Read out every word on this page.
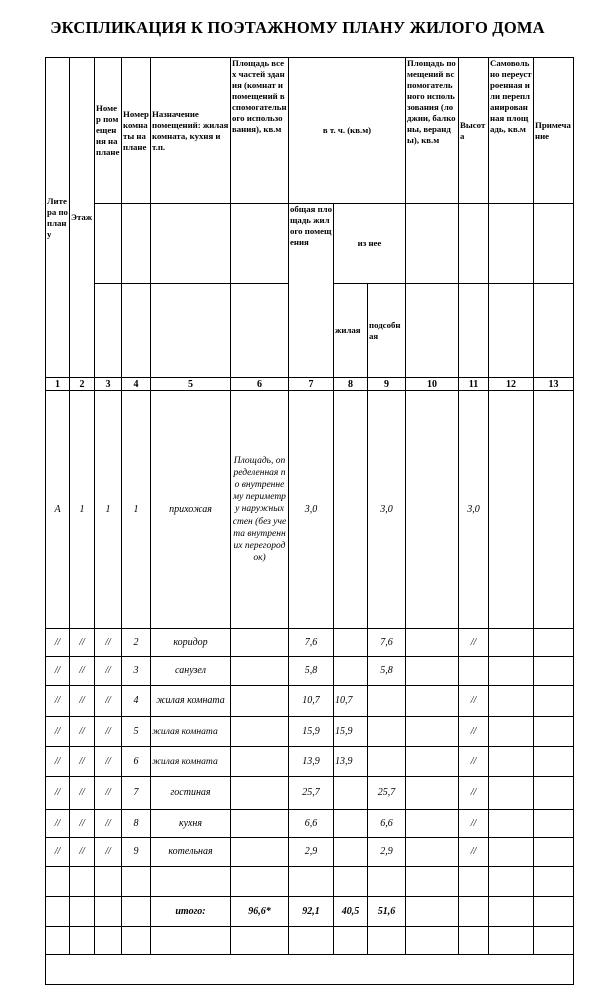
ЭКСПЛИКАЦИЯ К ПОЭТАЖНОМУ ПЛАНУ ЖИЛОГО ДОМА
Литера по плану	Этаж	Номер помещения на плане	Номер комнаты на плане	Назначение помещений: жилая комната, кухня и т.п.	Площадь всех частей здания (комнат и помещений вспомогательного использования), кв.м	в т. ч. (кв.м)			Площадь помещений вспомогательного использования (лоджии, балконы, веранды), кв.м	Высота	Самовольно переустроенная или перепланированная площадь, кв.м	Примечание
						общая площадь жилого помещения	из нее					
							жилая	подсобная				
1	2	3	4	5	6	7	8	9	10	11	12	13
А	1	1	1	прихожая	Площадь, определенная по внутреннему периметру наружных стен (без учета внутренних перегородок)	3,0		3,0		3,0		
//	//	//	2	коридор		7,6		7,6		//		
//	//	//	3	санузел		5,8		5,8				
//	//	//	4	жилая комната		10,7	10,7			//		
//	//	//	5	жилая комната		15,9	15,9			//		
//	//	//	6	жилая комната		13,9	13,9			//		
//	//	//	7	гостиная		25,7		25,7		//		
//	//	//	8	кухня		6,6		6,6		//		
//	//	//	9	котельная		2,9		2,9		//		

				итого:	96,6*	92,1	40,5	51,6				
